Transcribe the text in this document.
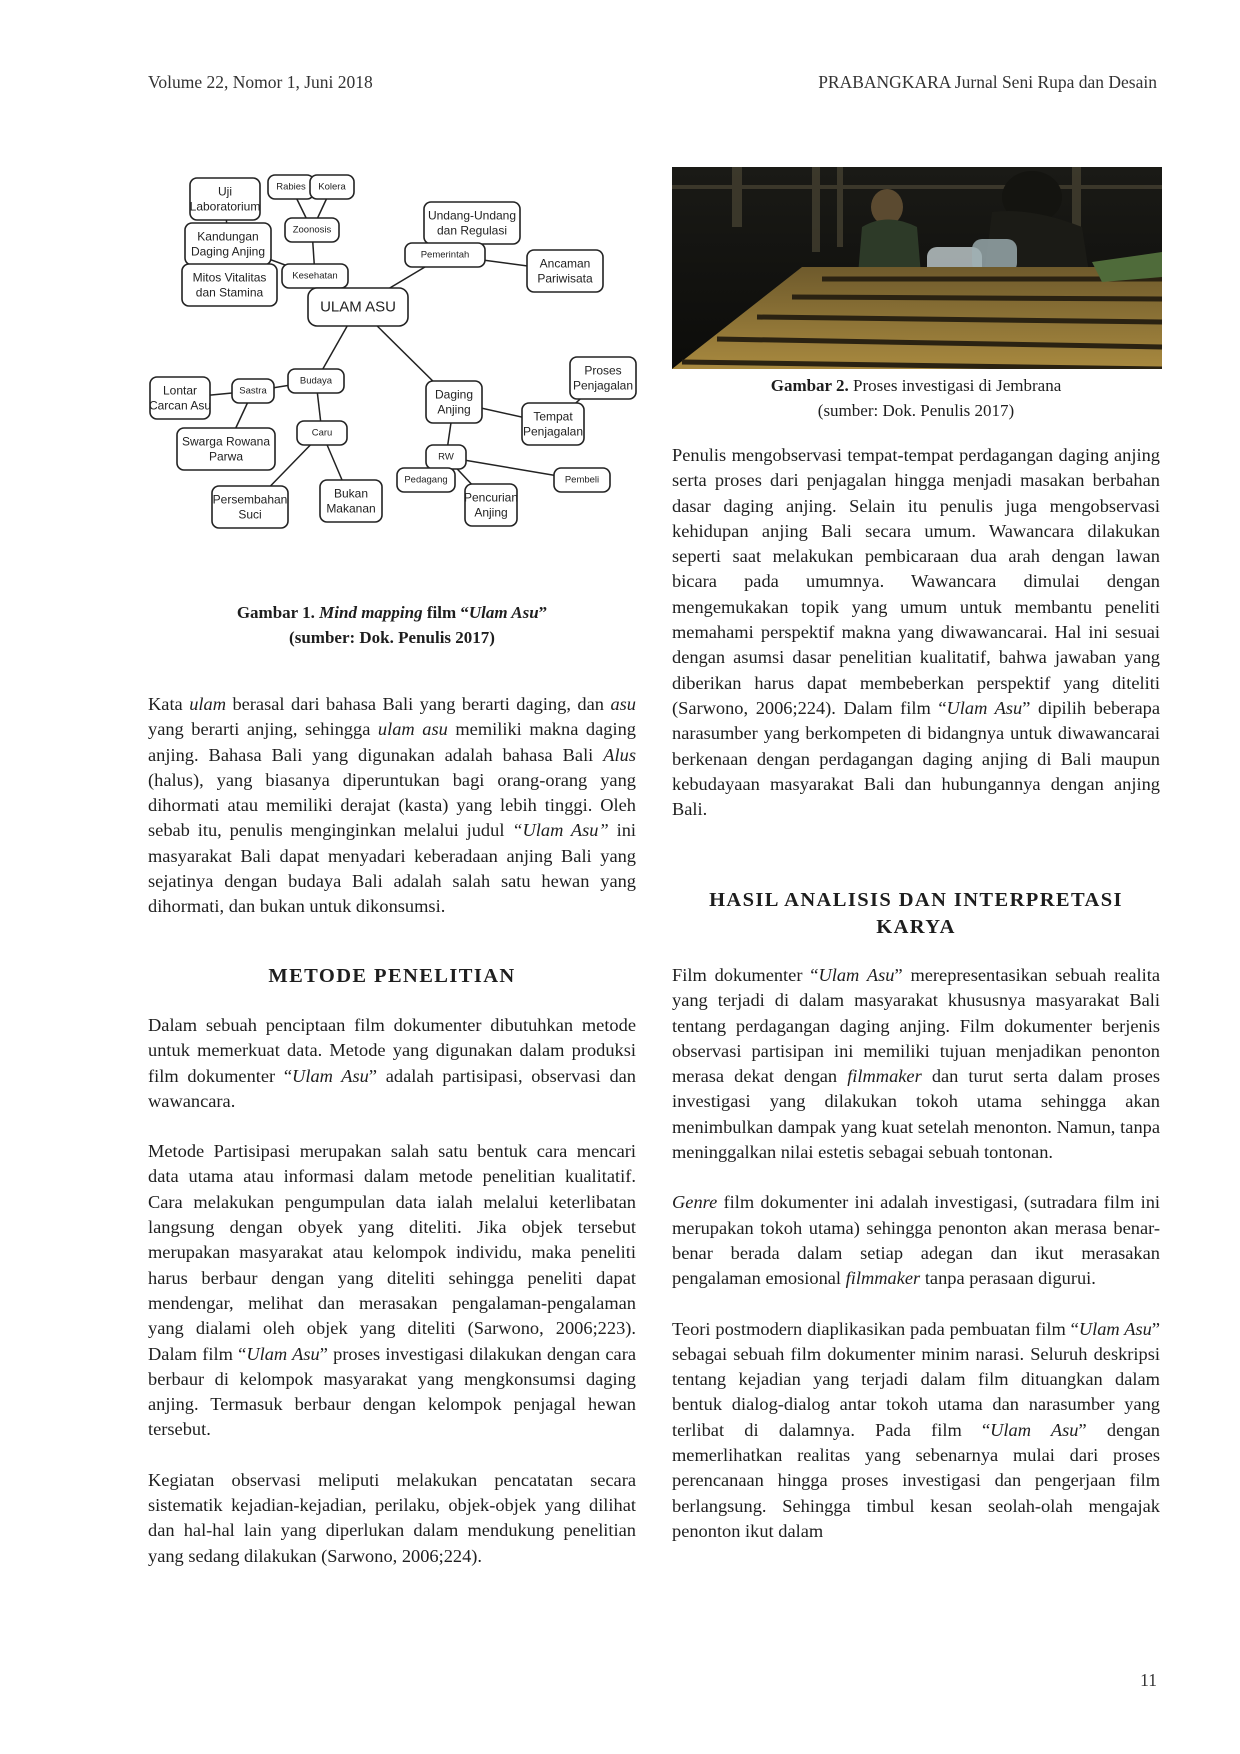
Volume 22, Nomor 1, Juni 2018	PRABANGKARA Jurnal Seni Rupa dan Desain
Uji
Laboratorium
Rabies Kolera
Undang-Undang
dan Regulasi
Kandungan
Daging Anjing
Zoonosis
Ancaman
Pariwisata
Mitos Vitalitas
dan Stamina
Kesehatan
Pemerintah
ULAM ASU
Proses
Penjagalan
Budaya
Lontar
Carcan Asu
Sastra	Daging
Anjing	Tempat
Penjagalan
Caru
Swarga Rowana
Parwa	RW
Pedagang
Pencurian
Anjing
Pembeli
Persembahan
Suci
Bukan
Makanan
Gambar 1. Mind mapping film “Ulam Asu”
(sumber: Dok. Penulis 2017)
Gambar 2. Proses investigasi di Jembrana
(sumber: Dok. Penulis 2017)

Kata ulam berasal dari bahasa Bali yang berarti daging, dan asu yang berarti anjing, sehingga ulam asu memiliki makna daging anjing. Bahasa Bali yang digunakan adalah bahasa Bali Alus (halus), yang biasanya diperuntukan bagi orang-orang yang dihormati atau memiliki derajat (kasta) yang lebih tinggi. Oleh sebab itu, penulis menginginkan melalui judul “Ulam Asu” ini masyarakat Bali dapat menyadari keberadaan anjing Bali yang sejatinya dengan budaya Bali adalah salah satu hewan yang dihormati, dan bukan untuk dikonsumsi.

METODE PENELITIAN

Dalam sebuah penciptaan film dokumenter dibutuhkan metode untuk memerkuat data. Metode yang digunakan dalam produksi film dokumenter “Ulam Asu” adalah partisipasi, observasi dan wawancara.

Metode Partisipasi merupakan salah satu bentuk cara mencari data utama atau informasi dalam metode penelitian kualitatif. Cara melakukan pengumpulan data ialah melalui keterlibatan langsung dengan obyek yang diteliti. Jika objek tersebut merupakan masyarakat atau kelompok individu, maka peneliti harus berbaur dengan yang diteliti sehingga peneliti dapat mendengar, melihat dan merasakan pengalaman-pengalaman yang dialami oleh objek yang diteliti (Sarwono, 2006;223). Dalam film “Ulam Asu” proses investigasi dilakukan dengan cara berbaur di kelompok masyarakat yang mengkonsumsi daging anjing. Termasuk berbaur dengan kelompok penjagal hewan tersebut.

Kegiatan observasi meliputi melakukan pencatatan secara sistematik kejadian-kejadian, perilaku, objek-objek yang dilihat dan hal-hal lain yang diperlukan dalam mendukung penelitian yang sedang dilakukan (Sarwono, 2006;224).

Penulis mengobservasi tempat-tempat perdagangan daging anjing serta proses dari penjagalan hingga menjadi masakan berbahan dasar daging anjing. Selain itu penulis juga mengobservasi kehidupan anjing Bali secara umum. Wawancara dilakukan seperti saat melakukan pembicaraan dua arah dengan lawan bicara pada umumnya. Wawancara dimulai dengan mengemukakan topik yang umum untuk membantu peneliti memahami perspektif makna yang diwawancarai. Hal ini sesuai dengan asumsi dasar penelitian kualitatif, bahwa jawaban yang diberikan harus dapat membeberkan perspektif yang diteliti (Sarwono, 2006;224). Dalam film “Ulam Asu” dipilih beberapa narasumber yang berkompeten di bidangnya untuk diwawancarai berkenaan dengan perdagangan daging anjing di Bali maupun kebudayaan masyarakat Bali dan hubungannya dengan anjing Bali.

HASIL ANALISIS DAN INTERPRETASI KARYA

Film dokumenter “Ulam Asu” merepresentasikan sebuah realita yang terjadi di dalam masyarakat khususnya masyarakat Bali tentang perdagangan daging anjing. Film dokumenter berjenis observasi partisipan ini memiliki tujuan menjadikan penonton merasa dekat dengan filmmaker dan turut serta dalam proses investigasi yang dilakukan tokoh utama sehingga akan menimbulkan dampak yang kuat setelah menonton. Namun, tanpa meninggalkan nilai estetis sebagai sebuah tontonan.

Genre film dokumenter ini adalah investigasi, (sutradara film ini merupakan tokoh utama) sehingga penonton akan merasa benar-benar berada dalam setiap adegan dan ikut merasakan pengalaman emosional filmmaker tanpa perasaan digurui.

Teori postmodern diaplikasikan pada pembuatan film “Ulam Asu” sebagai sebuah film dokumenter minim narasi. Seluruh deskripsi tentang kejadian yang terjadi dalam film dituangkan dalam bentuk dialog-dialog antar tokoh utama dan narasumber yang terlibat di dalamnya. Pada film “Ulam Asu” dengan memerlihatkan realitas yang sebenarnya mulai dari proses perencanaan hingga proses investigasi dan pengerjaan film berlangsung. Sehingga timbul kesan seolah-olah mengajak penonton ikut dalam

11
